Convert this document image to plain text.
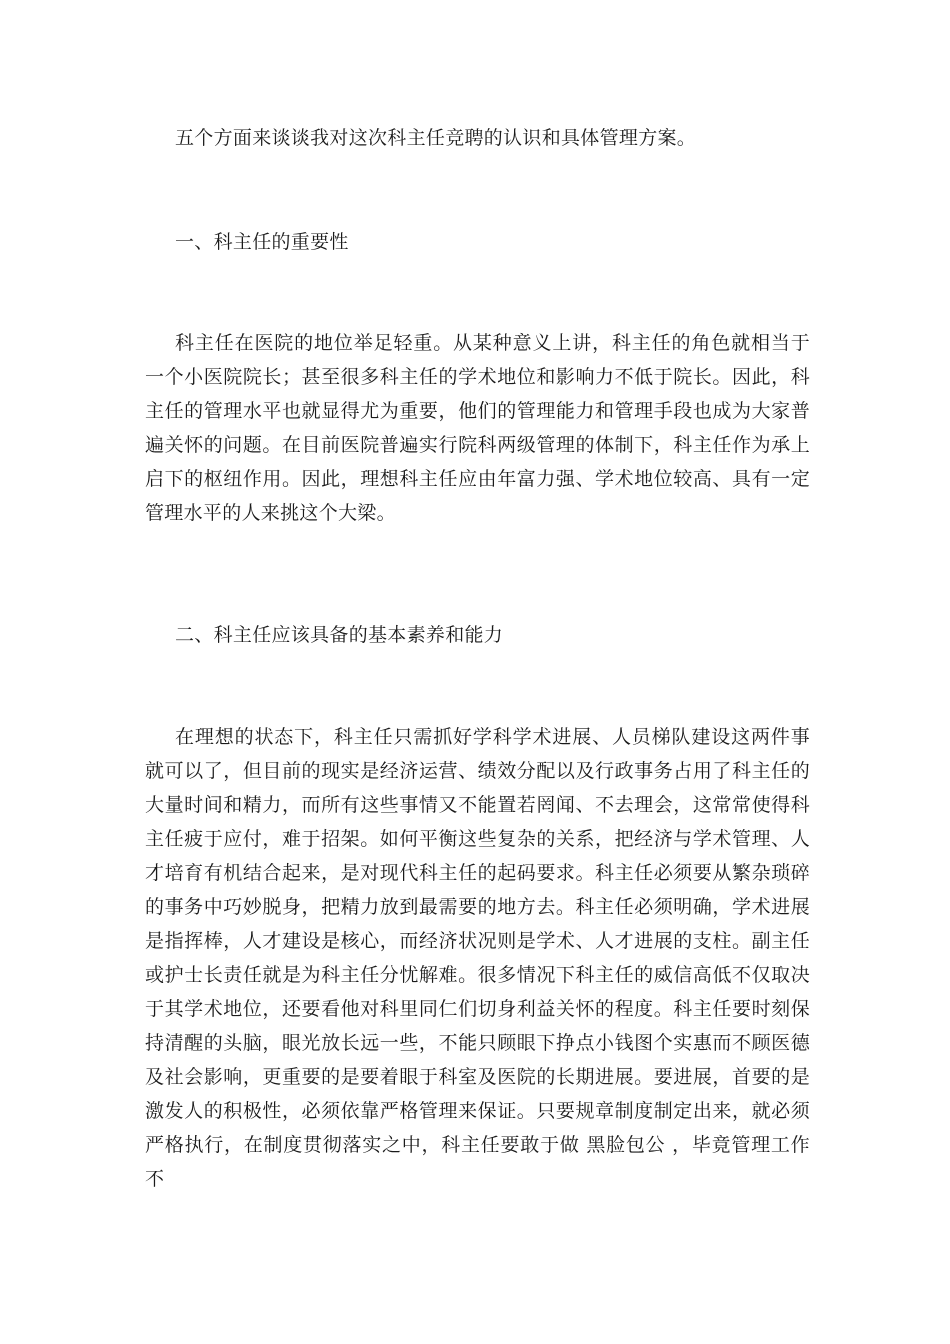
五个方面来谈谈我对这次科主任竞聘的认识和具体管理方案。

一、科主任的重要性

科主任在医院的地位举足轻重。从某种意义上讲，科主任的角色就相当于一个小医院院长；甚至很多科主任的学术地位和影响力不低于院长。因此，科主任的管理水平也就显得尤为重要，他们的管理能力和管理手段也成为大家普遍关怀的问题。在目前医院普遍实行院科两级管理的体制下，科主任作为承上启下的枢纽作用。因此，理想科主任应由年富力强、学术地位较高、具有一定管理水平的人来挑这个大梁。

二、科主任应该具备的基本素养和能力

在理想的状态下，科主任只需抓好学科学术进展、人员梯队建设这两件事就可以了，但目前的现实是经济运营、绩效分配以及行政事务占用了科主任的大量时间和精力，而所有这些事情又不能置若罔闻、不去理会，这常常使得科主任疲于应付，难于招架。如何平衡这些复杂的关系，把经济与学术管理、人才培育有机结合起来，是对现代科主任的起码要求。科主任必须要从繁杂琐碎的事务中巧妙脱身，把精力放到最需要的地方去。科主任必须明确，学术进展是指挥棒，人才建设是核心，而经济状况则是学术、人才进展的支柱。副主任或护士长责任就是为科主任分忧解难。很多情况下科主任的威信高低不仅取决于其学术地位，还要看他对科里同仁们切身利益关怀的程度。科主任要时刻保持清醒的头脑，眼光放长远一些，不能只顾眼下挣点小钱图个实惠而不顾医德及社会影响，更重要的是要着眼于科室及医院的长期进展。要进展，首要的是激发人的积极性，必须依靠严格管理来保证。只要规章制度制定出来，就必须严格执行，在制度贯彻落实之中，科主任要敢于做 黑脸包公 ，毕竟管理工作不
